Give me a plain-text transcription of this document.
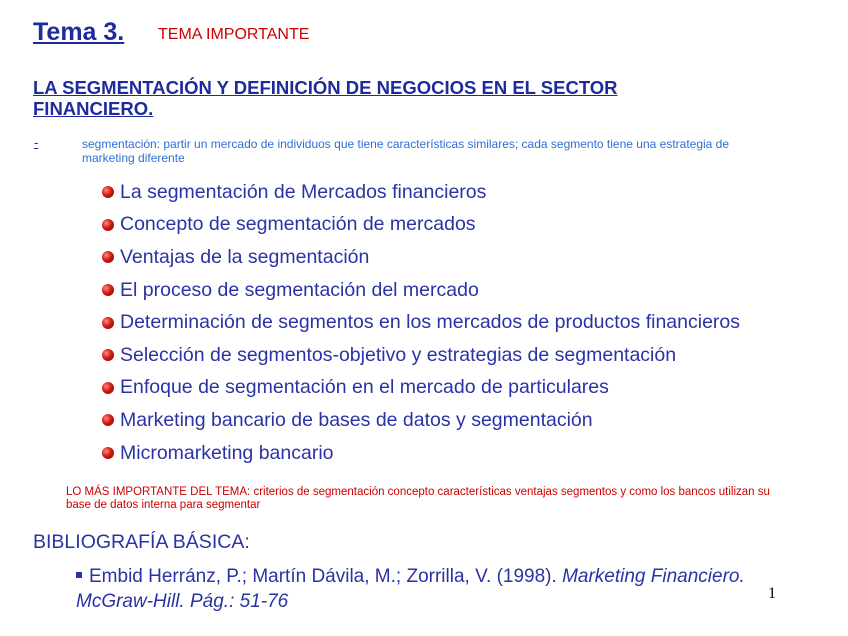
Tema 3. TEMA IMPORTANTE
LA SEGMENTACIÓN Y DEFINICIÓN DE NEGOCIOS EN EL SECTOR FINANCIERO.
-	segmentación: partir un mercado de individuos que tiene características similares; cada segmento tiene una estrategia de marketing diferente
La segmentación de Mercados financieros
Concepto de segmentación de mercados
Ventajas de la segmentación
El proceso de segmentación del mercado
Determinación de segmentos en los mercados de productos financieros
Selección de segmentos-objetivo y estrategias de segmentación
Enfoque de segmentación en el mercado de particulares
Marketing bancario de bases de datos y segmentación
Micromarketing bancario
LO MÁS IMPORTANTE DEL TEMA: criterios de segmentación concepto características ventajas segmentos y como los bancos utilizan su base de datos interna para segmentar
BIBLIOGRAFÍA BÁSICA:
Embid Herránz, P.; Martín Dávila, M.; Zorrilla, V. (1998). Marketing Financiero. McGraw-Hill. Pág.: 51-76	1
